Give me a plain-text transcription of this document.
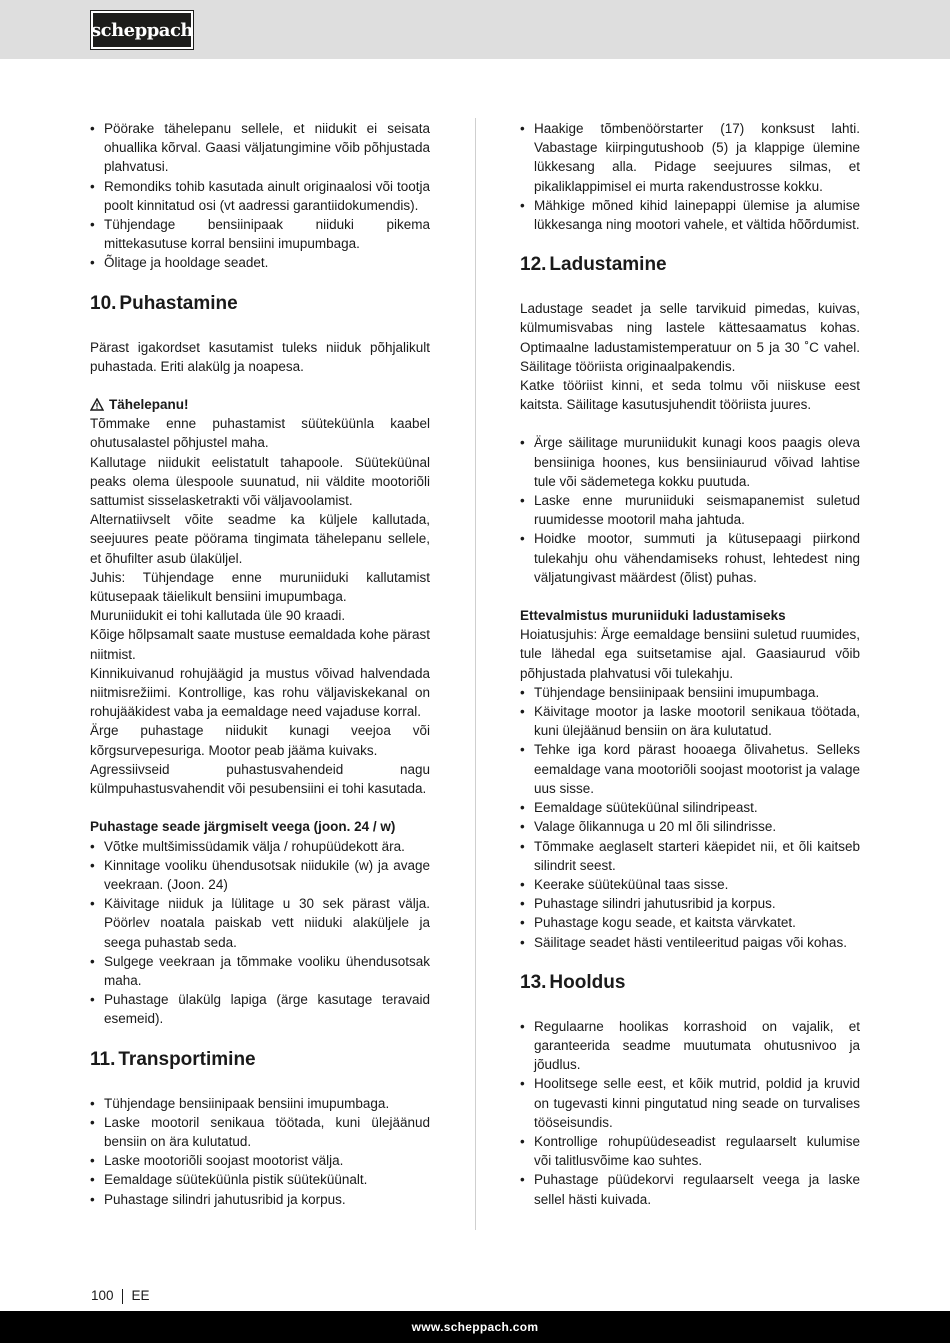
scheppach
• Pöörake tähelepanu sellele, et niidukit ei seisata ohuallika kõrval. Gaasi väljatungimine võib põhjustada plahvatusi.
• Remondiks tohib kasutada ainult originaalosi või tootja poolt kinnitatud osi (vt aadressi garantiidokumendis).
• Tühjendage bensiinipaak niiduki pikema mittekasutuse korral bensiini imupumbaga.
• Õlitage ja hooldage seadet.
10. Puhastamine

Pärast igakordset kasutamist tuleks niiduk põhjalikult puhastada. Eriti alakülg ja noapesa.

Tähelepanu!

Tõmmake enne puhastamist süüteküünla kaabel ohutusalastel põhjustel maha.

Kallutage niidukit eelistatult tahapoole. Süüteküünal peaks olema ülespoole suunatud, nii väldite mootoriõli sattumist sisselasketrakti või väljavoolamist.

Alternatiivselt võite seadme ka küljele kallutada, seejuures peate pöörama tingimata tähelepanu sellele, et õhufilter asub ülaküljel.

Juhis: Tühjendage enne muruniiduki kallutamist kütusepaak täielikult bensiini imupumbaga.

Muruniidukit ei tohi kallutada üle 90 kraadi.

Kõige hõlpsamalt saate mustuse eemaldada kohe pärast niitmist.

Kinnikuivanud rohujäägid ja mustus võivad halvendada niitmisrežiimi. Kontrollige, kas rohu väljaviskekanal on rohujääkidest vaba ja eemaldage need vajaduse korral.

Ärge puhastage niidukit kunagi veejoa või kõrgsurvepesuriga. Mootor peab jääma kuivaks.

Agressiivseid puhastusvahendeid nagu külmpuhastusvahendit või pesubensiini ei tohi kasutada.

Puhastage seade järgmiselt veega (joon. 24 / w)

• Võtke multšimissüdamik välja / rohupüüdekott ära.
• Kinnitage vooliku ühendusotsak niidukile (w) ja avage veekraan. (Joon. 24)
• Käivitage niiduk ja lülitage u 30 sek pärast välja. Pöörlev noatala paiskab vett niiduki alaküljele ja seega puhastab seda.
• Sulgege veekraan ja tõmmake vooliku ühendusotsak maha.
• Puhastage ülakülg lapiga (ärge kasutage teravaid esemeid).
11. Transportimine
• Tühjendage bensiinipaak bensiini imupumbaga.
• Laske mootoril senikaua töötada, kuni ülejäänud bensiin on ära kulutatud.
• Laske mootoriõli soojast mootorist välja.
• Eemaldage süüteküünla pistik süüteküünalt.
• Puhastage silindri jahutusribid ja korpus.
• Haakige tõmbenöörstarter (17) konksust lahti. Vabastage kiirpingutushoob (5) ja klappige ülemine lükkesang alla. Pidage seejuures silmas, et pikaliklappimisel ei murta rakendustrosse kokku.
• Mähkige mõned kihid lainepappi ülemise ja alumise lükkesanga ning mootori vahele, et vältida hõõrdumist.
12. Ladustamine

Ladustage seadet ja selle tarvikuid pimedas, kuivas, külmumisvabas ning lastele kättesaamatus kohas. Optimaalne ladustamistemperatuur on 5 ja 30 ˚C vahel. Säilitage tööriista originaalpakendis.

Katke tööriist kinni, et seda tolmu või niiskuse eest kaitsta. Säilitage kasutusjuhendit tööriista juures.

• Ärge säilitage muruniidukit kunagi koos paagis oleva bensiiniga hoones, kus bensiiniaurud võivad lahtise tule või sädemetega kokku puutuda.
• Laske enne muruniiduki seismapanemist suletud ruumidesse mootoril maha jahtuda.
• Hoidke mootor, summuti ja kütusepaagi piirkond tulekahju ohu vähendamiseks rohust, lehtedest ning väljatungivast määrdest (õlist) puhas.

Ettevalmistus muruniiduki ladustamiseks

Hoiatusjuhis: Ärge eemaldage bensiini suletud ruumides, tule lähedal ega suitsetamise ajal. Gaasiaurud võib põhjustada plahvatusi või tulekahju.

• Tühjendage bensiinipaak bensiini imupumbaga.
• Käivitage mootor ja laske mootoril senikaua töötada, kuni ülejäänud bensiin on ära kulutatud.
• Tehke iga kord pärast hooaega õlivahetus. Selleks eemaldage vana mootoriõli soojast mootorist ja valage uus sisse.
• Eemaldage süüteküünal silindripeast.
• Valage õlikannuga u 20 ml õli silindrisse.
• Tõmmake aeglaselt starteri käepidet nii, et õli kaitseb silindrit seest.
• Keerake süüteküünal taas sisse.
• Puhastage silindri jahutusribid ja korpus.
• Puhastage kogu seade, et kaitsta värvkatet.
• Säilitage seadet hästi ventileeritud paigas või kohas.
13. Hooldus
• Regulaarne hoolikas korrashoid on vajalik, et garanteerida seadme muutumata ohutusnivoo ja jõudlus.
• Hoolitsege selle eest, et kõik mutrid, poldid ja kruvid on tugevasti kinni pingutatud ning seade on turvalises tööseisundis.
• Kontrollige rohupüüdeseadist regulaarselt kulumise või talitlusvõime kao suhtes.
• Puhastage püüdekorvi regulaarselt veega ja laske sellel hästi kuivada.
100 EE
www.scheppach.com
